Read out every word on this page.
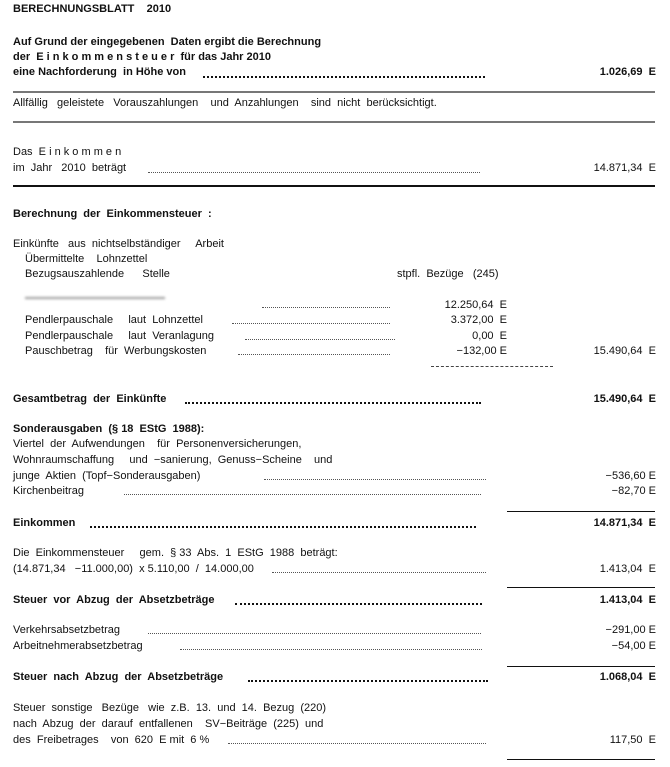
BERECHNUNGSBLATT 2010
Auf Grund der eingegebenen  Daten ergibt die Berechnung
der  E i n k o m m e n s t e u e r  für das Jahr 2010
eine Nachforderung  in Höhe von	1.026,69  E
Allfällig   geleistete   Vorauszahlungen    und  Anzahlungen    sind  nicht  berücksichtigt.
Das  E i n k o m m e n
im  Jahr   2010  beträgt	14.871,34  E
Berechnung  der  Einkommensteuer  :
Einkünfte   aus  nichtselbständiger     Arbeit
Übermittelte    Lohnzettel
Bezugsauszahlende      Stelle	stpfl.  Bezüge   (245)
12.250,64  E
Pendlerpauschale     laut  Lohnzettel	3.372,00  E
Pendlerpauschale     laut  Veranlagung	0,00  E
Pauschbetrag    für  Werbungskosten	−132,00 E	15.490,64  E
Gesamtbetrag  der  Einkünfte	15.490,64  E
Sonderausgaben  (§ 18  EStG  1988):
Viertel  der  Aufwendungen    für  Personenversicherungen,
Wohnraumschaffung     und  −sanierung,  Genuss−Scheine    und
junge  Aktien  (Topf−Sonderausgaben)	−536,60 E
Kirchenbeitrag	−82,70 E
Einkommen	14.871,34  E
Die  Einkommensteuer     gem.  § 33  Abs.  1  EStG  1988  beträgt:
(14.871,34   −11.000,00)  x 5.110,00  /  14.000,00	1.413,04  E
Steuer  vor  Abzug  der  Absetzbeträge	1.413,04  E
Verkehrsabsetzbetrag	−291,00 E
Arbeitnehmerabsetzbetrag	−54,00 E
Steuer  nach  Abzug  der  Absetzbeträge	1.068,04  E
Steuer  sonstige   Bezüge   wie  z.B.  13.  und  14.  Bezug  (220)
nach  Abzug  der  darauf  entfallenen    SV−Beiträge  (225)  und
des  Freibetrages    von  620  E mit  6 %	117,50  E
